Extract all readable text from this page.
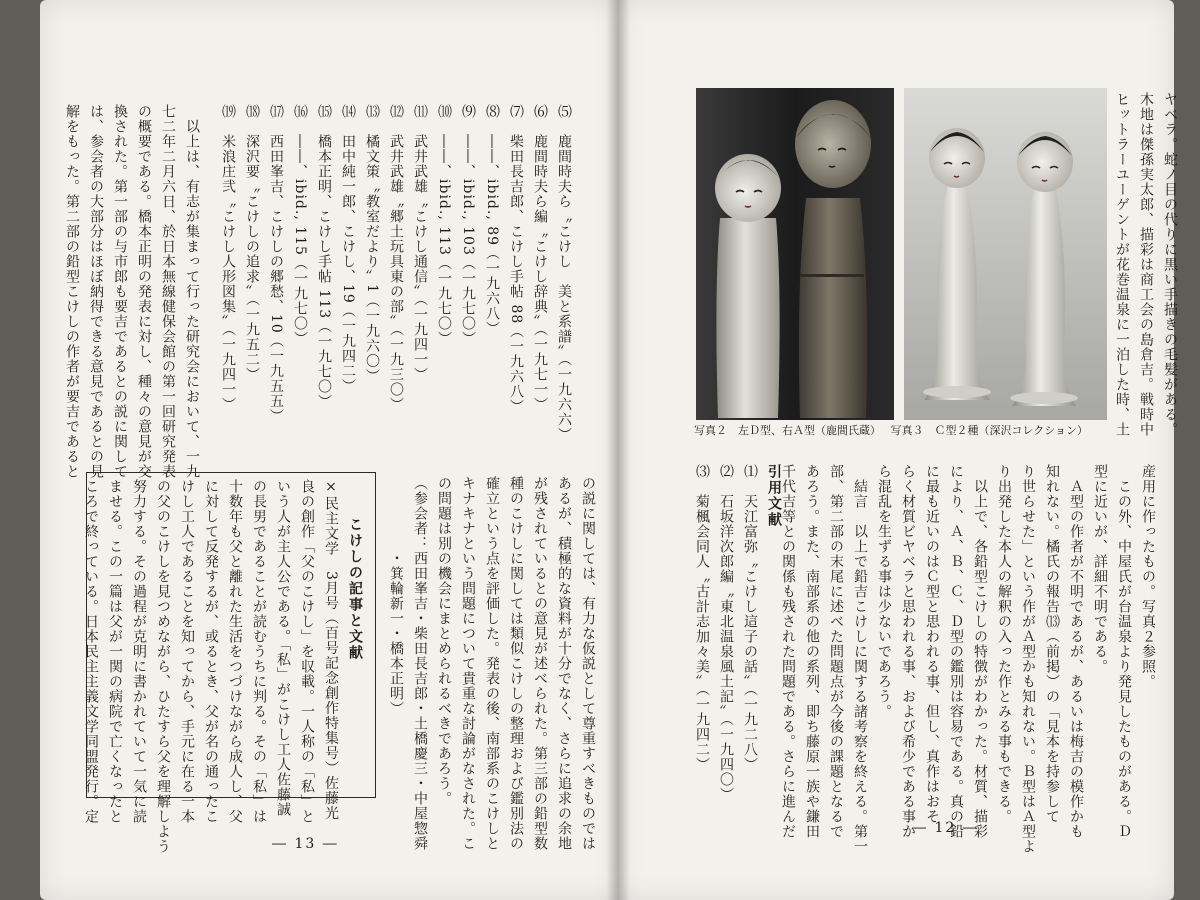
⑸　鹿間時夫ら〝こけし　美と系譜〟（一九六六）
⑹　鹿間時夫ら編〝こけし辞典〟（一九七一）
⑺　柴田長吉郎、こけし手帖 88（一九六八）
⑻　――、ibid., 89（一九六八）
⑼　――、ibid., 103（一九七〇）
⑽　――、ibid., 113（一九七〇）
⑾　武井武雄〝こけし通信〟（一九四一）
⑿　武井武雄〝郷土玩具東の部〟（一九三〇）
⒀　橘文策〝教室だより〟1（一九六〇）
⒁　田中純一郎、こけし、19（一九四二）
⒂　橋本正明、こけし手帖 113（一九七〇）
⒃　――、ibid., 115（一九七〇）
⒄　西田峯吉、こけしの郷愁、10（一九五五）
⒅　深沢要〝こけしの追求〟（一九五二）
⒆　米浪庄弐〝こけし人形図集〟（一九四一）
　以上は、有志が集まって行った研究会において、一九
七二年二月六日、於日本無線健保会館の第一回研究発表
の概要である。橋本正明の発表に対し、種々の意見が交
換された。第一部の与市郎も要吉であるとの説に関して
は、参会者の大部分はほぼ納得できる意見であるとの見
解をもった。第二部の鉛型こけしの作者が要吉であると
の説に関しては、有力な仮説として尊重すべきものでは
あるが、積極的な資料が十分でなく、さらに追求の余地
が残されているとの意見が述べられた。第三部の鉛型数
種のこけしに関しては類似こけしの整理および鑑別法の
確立という点を評価した。発表の後、南部系のこけしと
キナキナという問題について貴重な討論がなされた。こ
の問題は別の機会にまとめられるべきであろう。
（参会者：西田峯吉・柴田長吉郎・土橋慶三・中屋惣舜
　　　　　・箕輪新一・橋本正明）
こけしの記事と文献
×民主文学　3月号（百号記念創作特集号）佐藤光
良の創作「父のこけし」を収載。一人称の「私」と
いう人が主人公である。「私」がこけし工人佐藤誠
の長男であることが読むうちに判る。その「私」は
十数年も父と離れた生活をつづけながら成人し、父
に対して反発するが、或るとき、父が名の通ったこ
けし工人であることを知ってから、手元に在る一本
の父のこけしを見つめながら、ひたすら父を理解しよう
努力する。その過程が克明に書かれていて一気に読
ませる。この一篇は父が一関の病院で亡くなったと
ころで終っている。日本民主主義文学同盟発行。定
― 13 ―
写真２　左Ｄ型、右Ａ型（鹿間氏蔵） 写真３　Ｃ型２種（深沢コレクション）	ヤベラ。蛇ノ目の代りに黒い手描きの毛髪がある。
木地は傑孫実太郎、描彩は商工会の島倉吉。戦時中
ヒットラーユーゲントが花巻温泉に一泊した時、土
産用に作ったもの。写真２参照。
　この外、中屋氏が台温泉より発見したものがある。Ｄ
型に近いが、詳細不明である。
　Ａ型の作者が不明であるが、あるいは梅吉の模作かも
知れない。橘氏の報告⒀（前掲）の「見本を持参して
り世らせた」という作がＡ型かも知れない。Ｂ型はＡ型よ
り出発した本人の解釈の入った作とみる事もできる。
　以上で、各鉛型こけしの特徴がわかった。材質、描彩
により、Ａ、Ｂ、Ｃ、Ｄ型の鑑別は容易である。真の鉛
に最も近いのはＣ型と思われる事、但し、真作はおそ
らく材質ビヤベラと思われる事、および希少である事か
ら混乱を生ずる事は少ないであろう。
　結言　以上で鉛吉こけしに関する諸考察を終える。第一
部、第二部の末尾に述べた問題点が今後の課題となるで
あろう。また、南部系の他の系列、即ち藤原一族や鎌田
千代吉等との関係も残された問題である。さらに進んだ
引用文献
⑴　天江富弥〝こけし這子の話〟（一九二八）
⑵　石坂洋次郎編〝東北温泉風土記〟（一九四〇）
⑶　菊楓会同人〝古計志加々美〟（一九四二）
― 12 ―
